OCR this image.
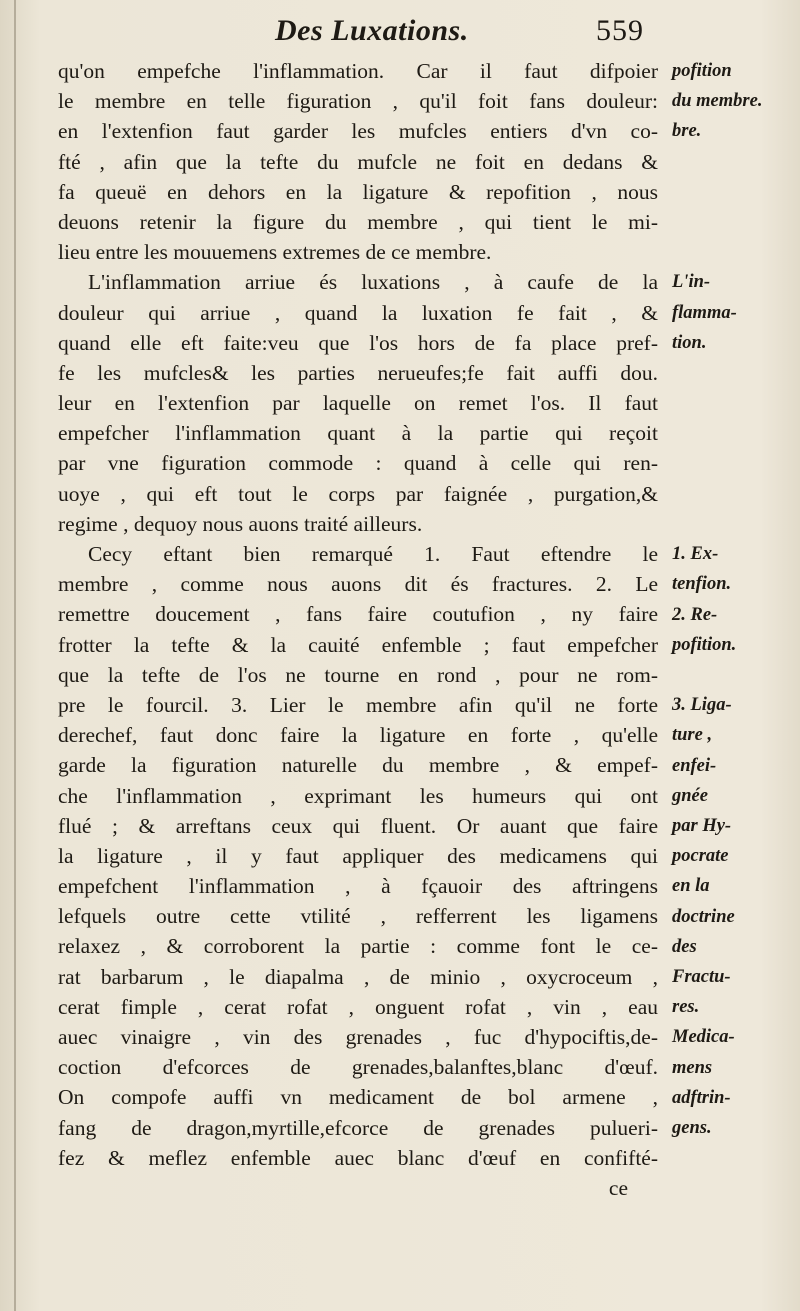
Des Luxations.	559
qu'on empefche l'inflammation. Car il faut difpoier
le membre en telle figuration , qu'il foit fans douleur:
en l'extenfion faut garder les mufcles entiers d'vn co-
fté , afin que la tefte du mufcle ne foit en dedans &
fa queuë en dehors en la ligature & repofition , nous
deuons retenir la figure du membre , qui tient le mi-
lieu entre les mouuemens extremes de ce membre.
L'inflammation arriue és luxations , à caufe de la
douleur qui arriue , quand la luxation fe fait , &
quand elle eft faite:veu que l'os hors de fa place pref-
fe les mufcles& les parties nerueufes;fe fait auffi dou.
leur en l'extenfion par laquelle on remet l'os. Il faut
empefcher l'inflammation quant à la partie qui reçoit
par vne figuration commode : quand à celle qui ren-
uoye , qui eft tout le corps par faignée , purgation,&
regime , dequoy nous auons traité ailleurs.
Cecy eftant bien remarqué 1. Faut eftendre le
membre , comme nous auons dit és fractures. 2. Le
remettre doucement , fans faire coutufion , ny faire
frotter la tefte & la cauité enfemble ; faut empefcher
que la tefte de l'os ne tourne en rond , pour ne rom-
pre le fourcil. 3. Lier le membre afin qu'il ne forte
derechef, faut donc faire la ligature en forte , qu'elle
garde la figuration naturelle du membre , & empef-
che l'inflammation , exprimant les humeurs qui ont
flué ; & arreftans ceux qui fluent. Or auant que faire
la ligature , il y faut appliquer des medicamens qui
empefchent l'inflammation , à fçauoir des aftringens
lefquels outre cette vtilité , refferrent les ligamens
relaxez , & corroborent la partie : comme font le ce-
rat barbarum , le diapalma , de minio , oxycroceum ,
cerat fimple , cerat rofat , onguent rofat , vin , eau
auec vinaigre , vin des grenades , fuc d'hypociftis,de-
coction d'efcorces de grenades,balanftes,blanc d'œuf.
On compofe auffi vn medicament de bol armene ,
fang de dragon,myrtille,efcorce de grenades pulueri-
fez & meflez enfemble auec blanc d'œuf en confifté-
ce
pofition
du membre.
bre.
L'in-
flamma-
tion.
1. Ex-
tenfion.
2. Re-
pofition.
3. Liga-
ture ,
enfei-
gnée
par Hy-
pocrate
en la
doctrine
des
Fractu-
res.
Medica-
mens
adftrin-
gens.
